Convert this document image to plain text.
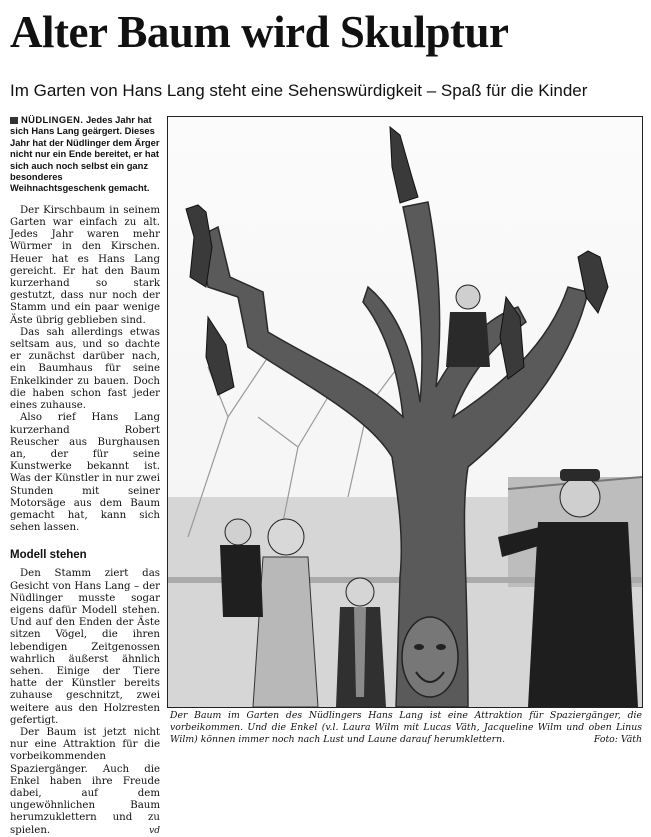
Alter Baum wird Skulptur

Im Garten von Hans Lang steht eine Sehenswürdigkeit – Spaß für die Kinder

NÜDLINGEN. Jedes Jahr hat sich Hans Lang geärgert. Dieses Jahr hat der Nüdlinger dem Ärger nicht nur ein Ende bereitet, er hat sich auch noch selbst ein ganz besonderes Weihnachtsgeschenk gemacht.

Der Kirschbaum in seinem Garten war einfach zu alt. Jedes Jahr waren mehr Würmer in den Kirschen. Heuer hat es Hans Lang gereicht. Er hat den Baum kurzerhand so stark gestutzt, dass nur noch der Stamm und ein paar wenige Äste übrig geblieben sind.

Das sah allerdings etwas seltsam aus, und so dachte er zunächst darüber nach, ein Baumhaus für seine Enkelkinder zu bauen. Doch die haben schon fast jeder eines zuhause.

Also rief Hans Lang kurzerhand Robert Reuscher aus Burghausen an, der für seine Kunstwerke bekannt ist. Was der Künstler in nur zwei Stunden mit seiner Motorsäge aus dem Baum gemacht hat, kann sich sehen lassen.

Modell stehen

Den Stamm ziert das Gesicht von Hans Lang – der Nüdlinger musste sogar eigens dafür Modell stehen. Und auf den Enden der Äste sitzen Vögel, die ihren lebendigen Zeitgenossen wahrlich äußerst ähnlich sehen. Einige der Tiere hatte der Künstler bereits zuhause geschnitzt, zwei weitere aus den Holzresten gefertigt.

Der Baum ist jetzt nicht nur eine Attraktion für die vorbeikommenden Spaziergänger. Auch die Enkel haben ihre Freude dabei, auf dem ungewöhnlichen Baum herumzuklettern und zu spielen.	vd

Der Baum im Garten des Nüdlingers Hans Lang ist eine Attraktion für Spaziergänger, die vorbeikommen. Und die Enkel (v.l. Laura Wilm mit Lucas Väth, Jacqueline Wilm und oben Linus Wilm) können immer noch nach Lust und Laune darauf herumklettern.	Foto: Väth
